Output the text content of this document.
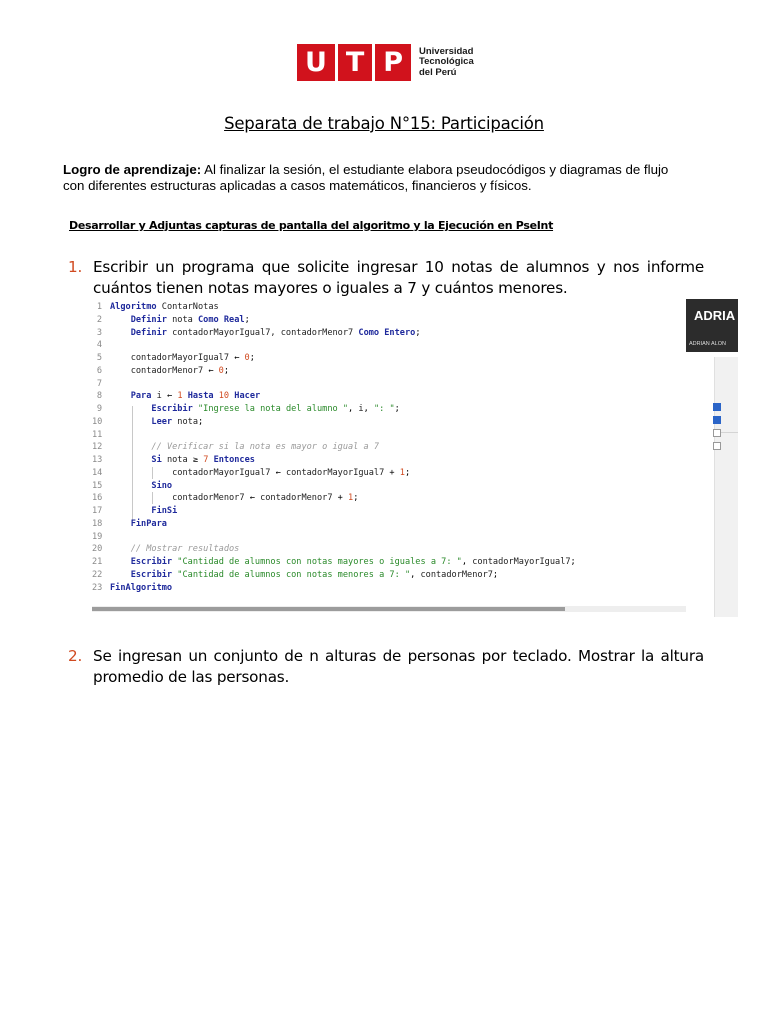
U T P Universidad
Tecnológica
del Perú
Separata de trabajo N°15: Participación
Logro de aprendizaje: Al finalizar la sesión, el estudiante elabora pseudocódigos y diagramas de flujo con diferentes estructuras aplicadas a casos matemáticos, financieros y físicos.
Desarrollar y Adjuntas capturas de pantalla del algoritmo y la Ejecución en PseInt
1. Escribir un programa que solicite ingresar 10 notas de alumnos y nos informe cuántos tienen notas mayores o iguales a 7 y cuántos menores.
1 Algoritmo ContarNotas
2	Definir nota Como Real;
3	Definir contadorMayorIgual7, contadorMenor7 Como Entero;
4
5	contadorMayorIgual7 ← 0;
6	contadorMenor7 ← 0;
7
8	Para i ← 1 Hasta 10 Hacer
9	Escribir "Ingrese la nota del alumno ", i, ": ";
10	Leer nota;
11
12	// Verificar si la nota es mayor o igual a 7
13	Si nota ≥ 7 Entonces
14	contadorMayorIgual7 ← contadorMayorIgual7 + 1;
15	Sino
16	contadorMenor7 ← contadorMenor7 + 1;
17	FinSi
18	FinPara
19
20	// Mostrar resultados
21	Escribir "Cantidad de alumnos con notas mayores o iguales a 7: ", contadorMayorIgual7;
22	Escribir "Cantidad de alumnos con notas menores a 7: ", contadorMenor7;
23 FinAlgoritmo
ADRIA
ADRIAN ALON
2. Se ingresan un conjunto de n alturas de personas por teclado. Mostrar la altura promedio de las personas.
